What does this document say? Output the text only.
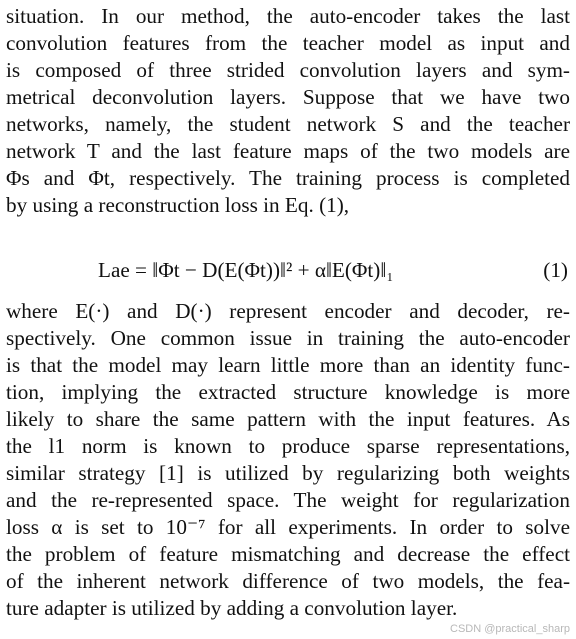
situation. In our method, the auto-encoder takes the last
convolution features from the teacher model as input and
is composed of three strided convolution layers and sym-
metrical deconvolution layers. Suppose that we have two
networks, namely, the student network S and the teacher
network T and the last feature maps of the two models are
Φs and Φt, respectively. The training process is completed
by using a reconstruction loss in Eq. (1),
Lae = ‖Φt − D(E(Φt))‖² + α‖E(Φt)‖₁	(1)
where E(·) and D(·) represent encoder and decoder, re-
spectively. One common issue in training the auto-encoder
is that the model may learn little more than an identity func-
tion, implying the extracted structure knowledge is more
likely to share the same pattern with the input features. As
the l1 norm is known to produce sparse representations,
similar strategy [1] is utilized by regularizing both weights
and the re-represented space. The weight for regularization
loss α is set to 10⁻⁷ for all experiments. In order to solve
the problem of feature mismatching and decrease the effect
of the inherent network difference of two models, the fea-
ture adapter is utilized by adding a convolution layer.
CSDN @practical_sharp
